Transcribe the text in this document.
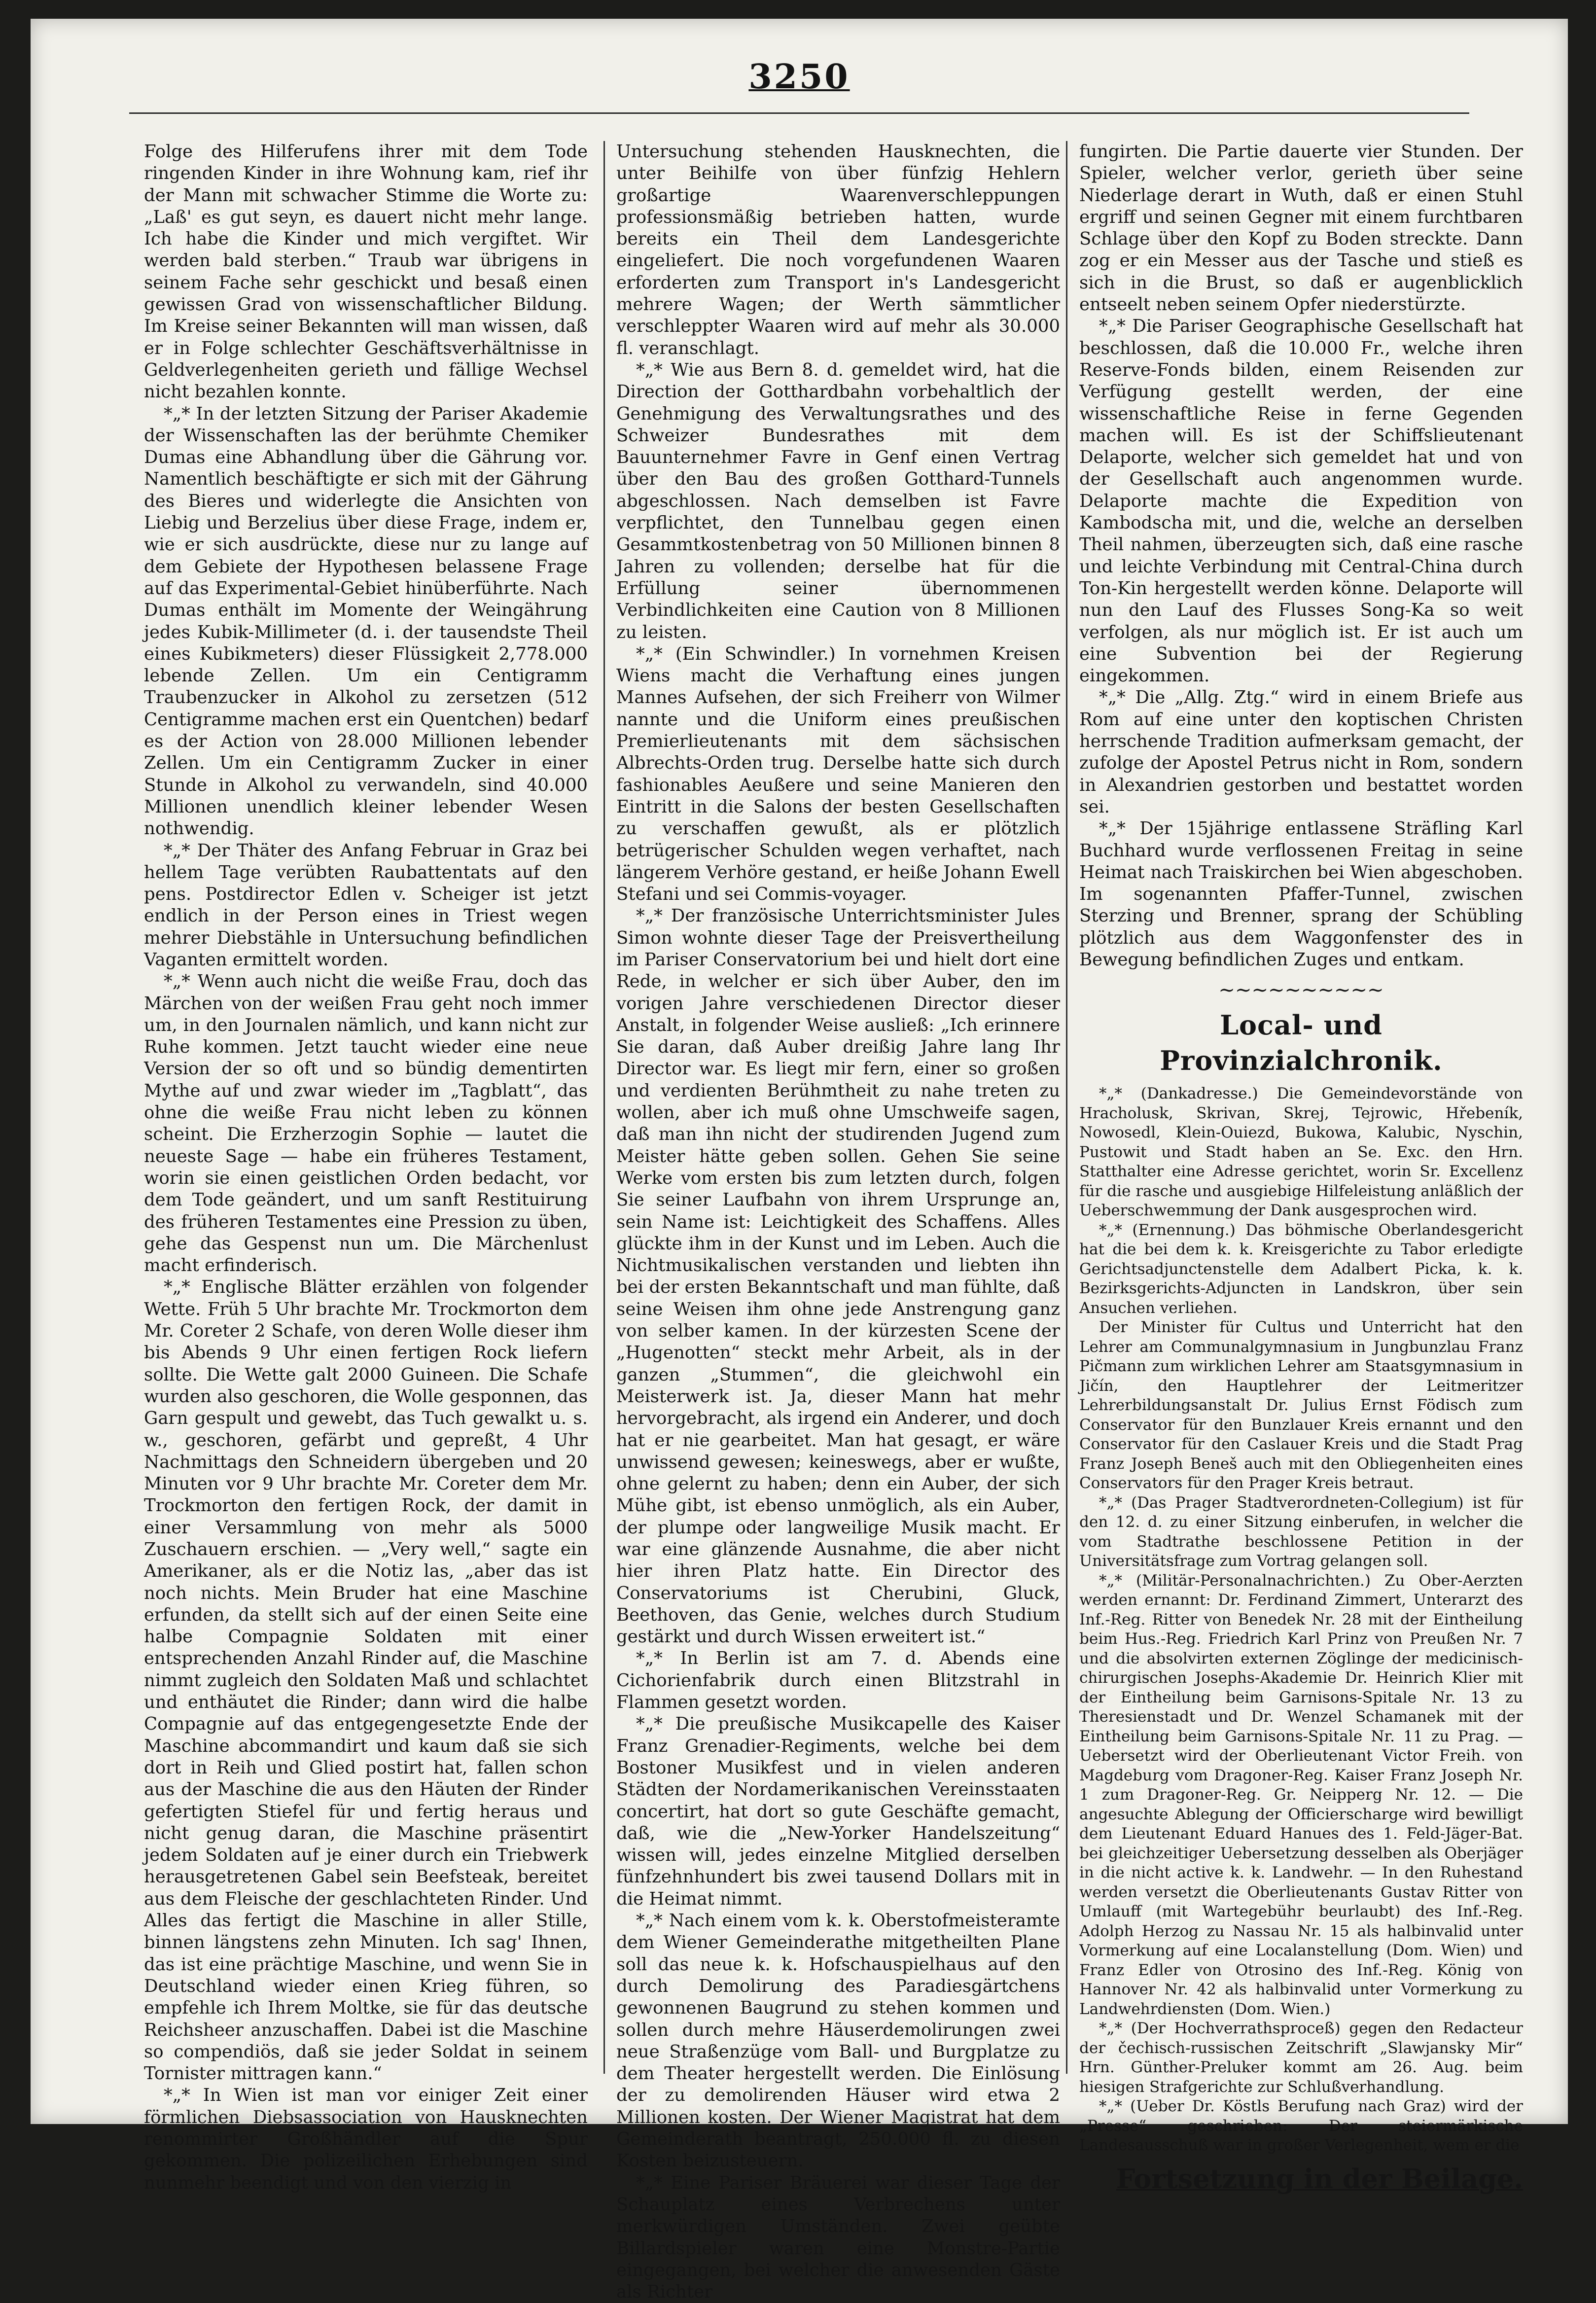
3250

Folge des Hilferufens ihrer mit dem Tode ringenden Kinder in ihre Wohnung kam, rief ihr der Mann mit schwacher Stimme die Worte zu: „Laß' es gut seyn, es dauert nicht mehr lange. Ich habe die Kinder und mich vergiftet. Wir werden bald sterben.“ Traub war übrigens in seinem Fache sehr geschickt und besaß einen gewissen Grad von wissenschaftlicher Bildung. Im Kreise seiner Bekannten will man wissen, daß er in Folge schlechter Geschäftsverhältnisse in Geldverlegenheiten gerieth und fällige Wechsel nicht bezahlen konnte.

*„* In der letzten Sitzung der Pariser Akademie der Wissenschaften las der berühmte Chemiker Dumas eine Abhandlung über die Gährung vor. Namentlich beschäftigte er sich mit der Gährung des Bieres und widerlegte die Ansichten von Liebig und Berzelius über diese Frage, indem er, wie er sich ausdrückte, diese nur zu lange auf dem Gebiete der Hypothesen belassene Frage auf das Experimental-Gebiet hinüberführte. Nach Dumas enthält im Momente der Weingährung jedes Kubik-Millimeter (d. i. der tausendste Theil eines Kubikmeters) dieser Flüssigkeit 2,778.000 lebende Zellen. Um ein Centigramm Traubenzucker in Alkohol zu zersetzen (512 Centigramme machen erst ein Quentchen) bedarf es der Action von 28.000 Millionen lebender Zellen. Um ein Centigramm Zucker in einer Stunde in Alkohol zu verwandeln, sind 40.000 Millionen unendlich kleiner lebender Wesen nothwendig.

*„* Der Thäter des Anfang Februar in Graz bei hellem Tage verübten Raubattentats auf den pens. Postdirector Edlen v. Scheiger ist jetzt endlich in der Person eines in Triest wegen mehrer Diebstähle in Untersuchung befindlichen Vaganten ermittelt worden.

*„* Wenn auch nicht die weiße Frau, doch das Märchen von der weißen Frau geht noch immer um, in den Journalen nämlich, und kann nicht zur Ruhe kommen. Jetzt taucht wieder eine neue Version der so oft und so bündig dementirten Mythe auf und zwar wieder im „Tagblatt“, das ohne die weiße Frau nicht leben zu können scheint. Die Erzherzogin Sophie — lautet die neueste Sage — habe ein früheres Testament, worin sie einen geistlichen Orden bedacht, vor dem Tode geändert, und um sanft Restituirung des früheren Testamentes eine Pression zu üben, gehe das Gespenst nun um. Die Märchenlust macht erfinderisch.

*„* Englische Blätter erzählen von folgender Wette. Früh 5 Uhr brachte Mr. Trockmorton dem Mr. Coreter 2 Schafe, von deren Wolle dieser ihm bis Abends 9 Uhr einen fertigen Rock liefern sollte. Die Wette galt 2000 Guineen. Die Schafe wurden also geschoren, die Wolle gesponnen, das Garn gespult und gewebt, das Tuch gewalkt u. s. w., geschoren, gefärbt und gepreßt, 4 Uhr Nachmittags den Schneidern übergeben und 20 Minuten vor 9 Uhr brachte Mr. Coreter dem Mr. Trockmorton den fertigen Rock, der damit in einer Versammlung von mehr als 5000 Zuschauern erschien. — „Very well,“ sagte ein Amerikaner, als er die Notiz las, „aber das ist noch nichts. Mein Bruder hat eine Maschine erfunden, da stellt sich auf der einen Seite eine halbe Compagnie Soldaten mit einer entsprechenden Anzahl Rinder auf, die Maschine nimmt zugleich den Soldaten Maß und schlachtet und enthäutet die Rinder; dann wird die halbe Compagnie auf das entgegengesetzte Ende der Maschine abcommandirt und kaum daß sie sich dort in Reih und Glied postirt hat, fallen schon aus der Maschine die aus den Häuten der Rinder gefertigten Stiefel für und fertig heraus und nicht genug daran, die Maschine präsentirt jedem Soldaten auf je einer durch ein Triebwerk herausgetretenen Gabel sein Beefsteak, bereitet aus dem Fleische der geschlachteten Rinder. Und Alles das fertigt die Maschine in aller Stille, binnen längstens zehn Minuten. Ich sag' Ihnen, das ist eine prächtige Maschine, und wenn Sie in Deutschland wieder einen Krieg führen, so empfehle ich Ihrem Moltke, sie für das deutsche Reichsheer anzuschaffen. Dabei ist die Maschine so compendiös, daß sie jeder Soldat in seinem Tornister mittragen kann.“

*„* In Wien ist man vor einiger Zeit einer förmlichen Diebsassociation von Hausknechten renommirter Großhändler auf die Spur gekommen. Die polizeilichen Erhebungen sind nunmehr beendigt und von den vierzig in

Untersuchung stehenden Hausknechten, die unter Beihilfe von über fünfzig Hehlern großartige Waarenverschleppungen professionsmäßig betrieben hatten, wurde bereits ein Theil dem Landesgerichte eingeliefert. Die noch vorgefundenen Waaren erforderten zum Transport in's Landesgericht mehrere Wagen; der Werth sämmtlicher verschleppter Waaren wird auf mehr als 30.000 fl. veranschlagt.

*„* Wie aus Bern 8. d. gemeldet wird, hat die Direction der Gotthardbahn vorbehaltlich der Genehmigung des Verwaltungsrathes und des Schweizer Bundesrathes mit dem Bauunternehmer Favre in Genf einen Vertrag über den Bau des großen Gotthard-Tunnels abgeschlossen. Nach demselben ist Favre verpflichtet, den Tunnelbau gegen einen Gesammtkostenbetrag von 50 Millionen binnen 8 Jahren zu vollenden; derselbe hat für die Erfüllung seiner übernommenen Verbindlichkeiten eine Caution von 8 Millionen zu leisten.

*„* (Ein Schwindler.) In vornehmen Kreisen Wiens macht die Verhaftung eines jungen Mannes Aufsehen, der sich Freiherr von Wilmer nannte und die Uniform eines preußischen Premierlieutenants mit dem sächsischen Albrechts-Orden trug. Derselbe hatte sich durch fashionables Aeußere und seine Manieren den Eintritt in die Salons der besten Gesellschaften zu verschaffen gewußt, als er plötzlich betrügerischer Schulden wegen verhaftet, nach längerem Verhöre gestand, er heiße Johann Ewell Stefani und sei Commis-voyager.

*„* Der französische Unterrichtsminister Jules Simon wohnte dieser Tage der Preisvertheilung im Pariser Conservatorium bei und hielt dort eine Rede, in welcher er sich über Auber, den im vorigen Jahre verschiedenen Director dieser Anstalt, in folgender Weise ausließ: „Ich erinnere Sie daran, daß Auber dreißig Jahre lang Ihr Director war. Es liegt mir fern, einer so großen und verdienten Berühmtheit zu nahe treten zu wollen, aber ich muß ohne Umschweife sagen, daß man ihn nicht der studirenden Jugend zum Meister hätte geben sollen. Gehen Sie seine Werke vom ersten bis zum letzten durch, folgen Sie seiner Laufbahn von ihrem Ursprunge an, sein Name ist: Leichtigkeit des Schaffens. Alles glückte ihm in der Kunst und im Leben. Auch die Nichtmusikalischen verstanden und liebten ihn bei der ersten Bekanntschaft und man fühlte, daß seine Weisen ihm ohne jede Anstrengung ganz von selber kamen. In der kürzesten Scene der „Hugenotten“ steckt mehr Arbeit, als in der ganzen „Stummen“, die gleichwohl ein Meisterwerk ist. Ja, dieser Mann hat mehr hervorgebracht, als irgend ein Anderer, und doch hat er nie gearbeitet. Man hat gesagt, er wäre unwissend gewesen; keineswegs, aber er wußte, ohne gelernt zu haben; denn ein Auber, der sich Mühe gibt, ist ebenso unmöglich, als ein Auber, der plumpe oder langweilige Musik macht. Er war eine glänzende Ausnahme, die aber nicht hier ihren Platz hatte. Ein Director des Conservatoriums ist Cherubini, Gluck, Beethoven, das Genie, welches durch Studium gestärkt und durch Wissen erweitert ist.“

*„* In Berlin ist am 7. d. Abends eine Cichorienfabrik durch einen Blitzstrahl in Flammen gesetzt worden.

*„* Die preußische Musikcapelle des Kaiser Franz Grenadier-Regiments, welche bei dem Bostoner Musikfest und in vielen anderen Städten der Nordamerikanischen Vereinsstaaten concertirt, hat dort so gute Geschäfte gemacht, daß, wie die „New-Yorker Handelszeitung“ wissen will, jedes einzelne Mitglied derselben fünfzehnhundert bis zwei tausend Dollars mit in die Heimat nimmt.

*„* Nach einem vom k. k. Oberstofmeisteramte dem Wiener Gemeinderathe mitgetheilten Plane soll das neue k. k. Hofschauspielhaus auf den durch Demolirung des Paradiesgärtchens gewonnenen Baugrund zu stehen kommen und sollen durch mehre Häuserdemolirungen zwei neue Straßenzüge vom Ball- und Burgplatze zu dem Theater hergestellt werden. Die Einlösung der zu demolirenden Häuser wird etwa 2 Millionen kosten. Der Wiener Magistrat hat dem Gemeinderath beantragt, 250.000 fl. zu diesen Kosten beizusteuern.

*„* Eine Pariser Bräuerei war dieser Tage der Schauplatz eines Verbrechens unter merkwürdigen Umständen. Zwei geübte Billardspieler waren eine Monstre-Partie eingegangen, bei welcher die anwesenden Gäste als Richter

fungirten. Die Partie dauerte vier Stunden. Der Spieler, welcher verlor, gerieth über seine Niederlage derart in Wuth, daß er einen Stuhl ergriff und seinen Gegner mit einem furchtbaren Schlage über den Kopf zu Boden streckte. Dann zog er ein Messer aus der Tasche und stieß es sich in die Brust, so daß er augenblicklich entseelt neben seinem Opfer niederstürzte.

*„* Die Pariser Geographische Gesellschaft hat beschlossen, daß die 10.000 Fr., welche ihren Reserve-Fonds bilden, einem Reisenden zur Verfügung gestellt werden, der eine wissenschaftliche Reise in ferne Gegenden machen will. Es ist der Schiffslieutenant Delaporte, welcher sich gemeldet hat und von der Gesellschaft auch angenommen wurde. Delaporte machte die Expedition von Kambodscha mit, und die, welche an derselben Theil nahmen, überzeugten sich, daß eine rasche und leichte Verbindung mit Central-China durch Ton-Kin hergestellt werden könne. Delaporte will nun den Lauf des Flusses Song-Ka so weit verfolgen, als nur möglich ist. Er ist auch um eine Subvention bei der Regierung eingekommen.

*„* Die „Allg. Ztg.“ wird in einem Briefe aus Rom auf eine unter den koptischen Christen herrschende Tradition aufmerksam gemacht, der zufolge der Apostel Petrus nicht in Rom, sondern in Alexandrien gestorben und bestattet worden sei.

*„* Der 15jährige entlassene Sträfling Karl Buchhard wurde verflossenen Freitag in seine Heimat nach Traiskirchen bei Wien abgeschoben. Im sogenannten Pfaffer-Tunnel, zwischen Sterzing und Brenner, sprang der Schübling plötzlich aus dem Waggonfenster des in Bewegung befindlichen Zuges und entkam.

~~~~~~~~~~
Local- und Provinzialchronik.

*„* (Dankadresse.) Die Gemeindevorstände von Hracholusk, Skrivan, Skrej, Tejrowic, Hřebeník, Nowosedl, Klein-Ouiezd, Bukowa, Kalubic, Nyschin, Pustowit und Stadt haben an Se. Exc. den Hrn. Statthalter eine Adresse gerichtet, worin Sr. Excellenz für die rasche und ausgiebige Hilfeleistung anläßlich der Ueberschwemmung der Dank ausgesprochen wird.

*„* (Ernennung.) Das böhmische Oberlandesgericht hat die bei dem k. k. Kreisgerichte zu Tabor erledigte Gerichtsadjunctenstelle dem Adalbert Picka, k. k. Bezirksgerichts-Adjuncten in Landskron, über sein Ansuchen verliehen.

Der Minister für Cultus und Unterricht hat den Lehrer am Communalgymnasium in Jungbunzlau Franz Pičmann zum wirklichen Lehrer am Staatsgymnasium in Jičín, den Hauptlehrer der Leitmeritzer Lehrerbildungsanstalt Dr. Julius Ernst Födisch zum Conservator für den Bunzlauer Kreis ernannt und den Conservator für den Caslauer Kreis und die Stadt Prag Franz Joseph Beneš auch mit den Obliegenheiten eines Conservators für den Prager Kreis betraut.

*„* (Das Prager Stadtverordneten-Collegium) ist für den 12. d. zu einer Sitzung einberufen, in welcher die vom Stadtrathe beschlossene Petition in der Universitätsfrage zum Vortrag gelangen soll.

*„* (Militär-Personalnachrichten.) Zu Ober-Aerzten werden ernannt: Dr. Ferdinand Zimmert, Unterarzt des Inf.-Reg. Ritter von Benedek Nr. 28 mit der Eintheilung beim Hus.-Reg. Friedrich Karl Prinz von Preußen Nr. 7 und die absolvirten externen Zöglinge der medicinisch-chirurgischen Josephs-Akademie Dr. Heinrich Klier mit der Eintheilung beim Garnisons-Spitale Nr. 13 zu Theresienstadt und Dr. Wenzel Schamanek mit der Eintheilung beim Garnisons-Spitale Nr. 11 zu Prag. — Uebersetzt wird der Oberlieutenant Victor Freih. von Magdeburg vom Dragoner-Reg. Kaiser Franz Joseph Nr. 1 zum Dragoner-Reg. Gr. Neipperg Nr. 12. — Die angesuchte Ablegung der Officierscharge wird bewilligt dem Lieutenant Eduard Hanues des 1. Feld-Jäger-Bat. bei gleichzeitiger Uebersetzung desselben als Oberjäger in die nicht active k. k. Landwehr. — In den Ruhestand werden versetzt die Oberlieutenants Gustav Ritter von Umlauff (mit Wartegebühr beurlaubt) des Inf.-Reg. Adolph Herzog zu Nassau Nr. 15 als halbinvalid unter Vormerkung auf eine Localanstellung (Dom. Wien) und Franz Edler von Otrosino des Inf.-Reg. König von Hannover Nr. 42 als halbinvalid unter Vormerkung zu Landwehrdiensten (Dom. Wien.)

*„* (Der Hochverrathsproceß) gegen den Redacteur der čechisch-russischen Zeitschrift „Slawjansky Mir“ Hrn. Günther-Preluker kommt am 26. Aug. beim hiesigen Strafgerichte zur Schlußverhandlung.

*„* (Ueber Dr. Köstls Berufung nach Graz) wird der „Presse“ geschrieben: Der steiermärkische Landesausschuß war in großer Verlegenheit, wem er die

Fortsetzung in der Beilage.
